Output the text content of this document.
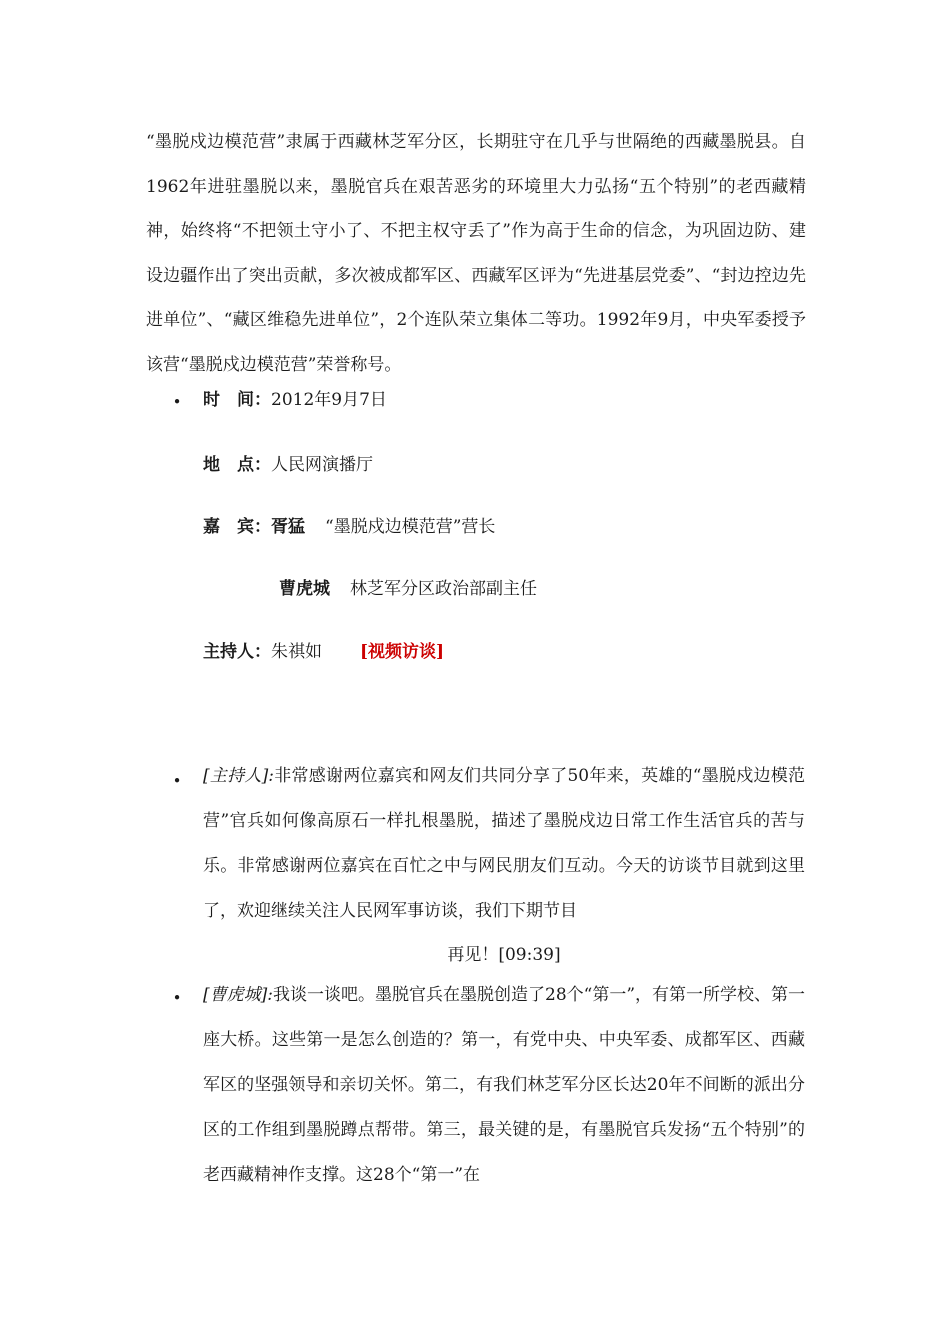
“墨脱戍边模范营”隶属于西藏林芝军分区，长期驻守在几乎与世隔绝的西藏墨脱县。自1962年进驻墨脱以来，墨脱官兵在艰苦恶劣的环境里大力弘扬“五个特别”的老西藏精神，始终将“不把领土守小了、不把主权守丢了”作为高于生命的信念，为巩固边防、建设边疆作出了突出贡献，多次被成都军区、西藏军区评为“先进基层党委”、“封边控边先进单位”、“藏区维稳先进单位”，2个连队荣立集体二等功。1992年9月，中央军委授予该营“墨脱戍边模范营”荣誉称号。

• 时　间：2012年9月7日

地　点：人民网演播厅

嘉　宾：胥猛 “墨脱戍边模范营”营长

曹虎城 林芝军分区政治部副主任

主持人：朱祺如 [视频访谈]

• [主持人]:非常感谢两位嘉宾和网友们共同分享了50年来，英雄的“墨脱戍边模范营”官兵如何像高原石一样扎根墨脱，描述了墨脱戍边日常工作生活官兵的苦与乐。非常感谢两位嘉宾在百忙之中与网民朋友们互动。今天的访谈节目就到这里了，欢迎继续关注人民网军事访谈，我们下期节目

再见！[09:39]

• [曹虎城]:我谈一谈吧。墨脱官兵在墨脱创造了28个“第一”，有第一所学校、第一座大桥。这些第一是怎么创造的？第一，有党中央、中央军委、成都军区、西藏军区的坚强领导和亲切关怀。第二，有我们林芝军分区长达20年不间断的派出分区的工作组到墨脱蹲点帮带。第三，最关键的是，有墨脱官兵发扬“五个特别”的老西藏精神作支撑。这28个“第一”在
